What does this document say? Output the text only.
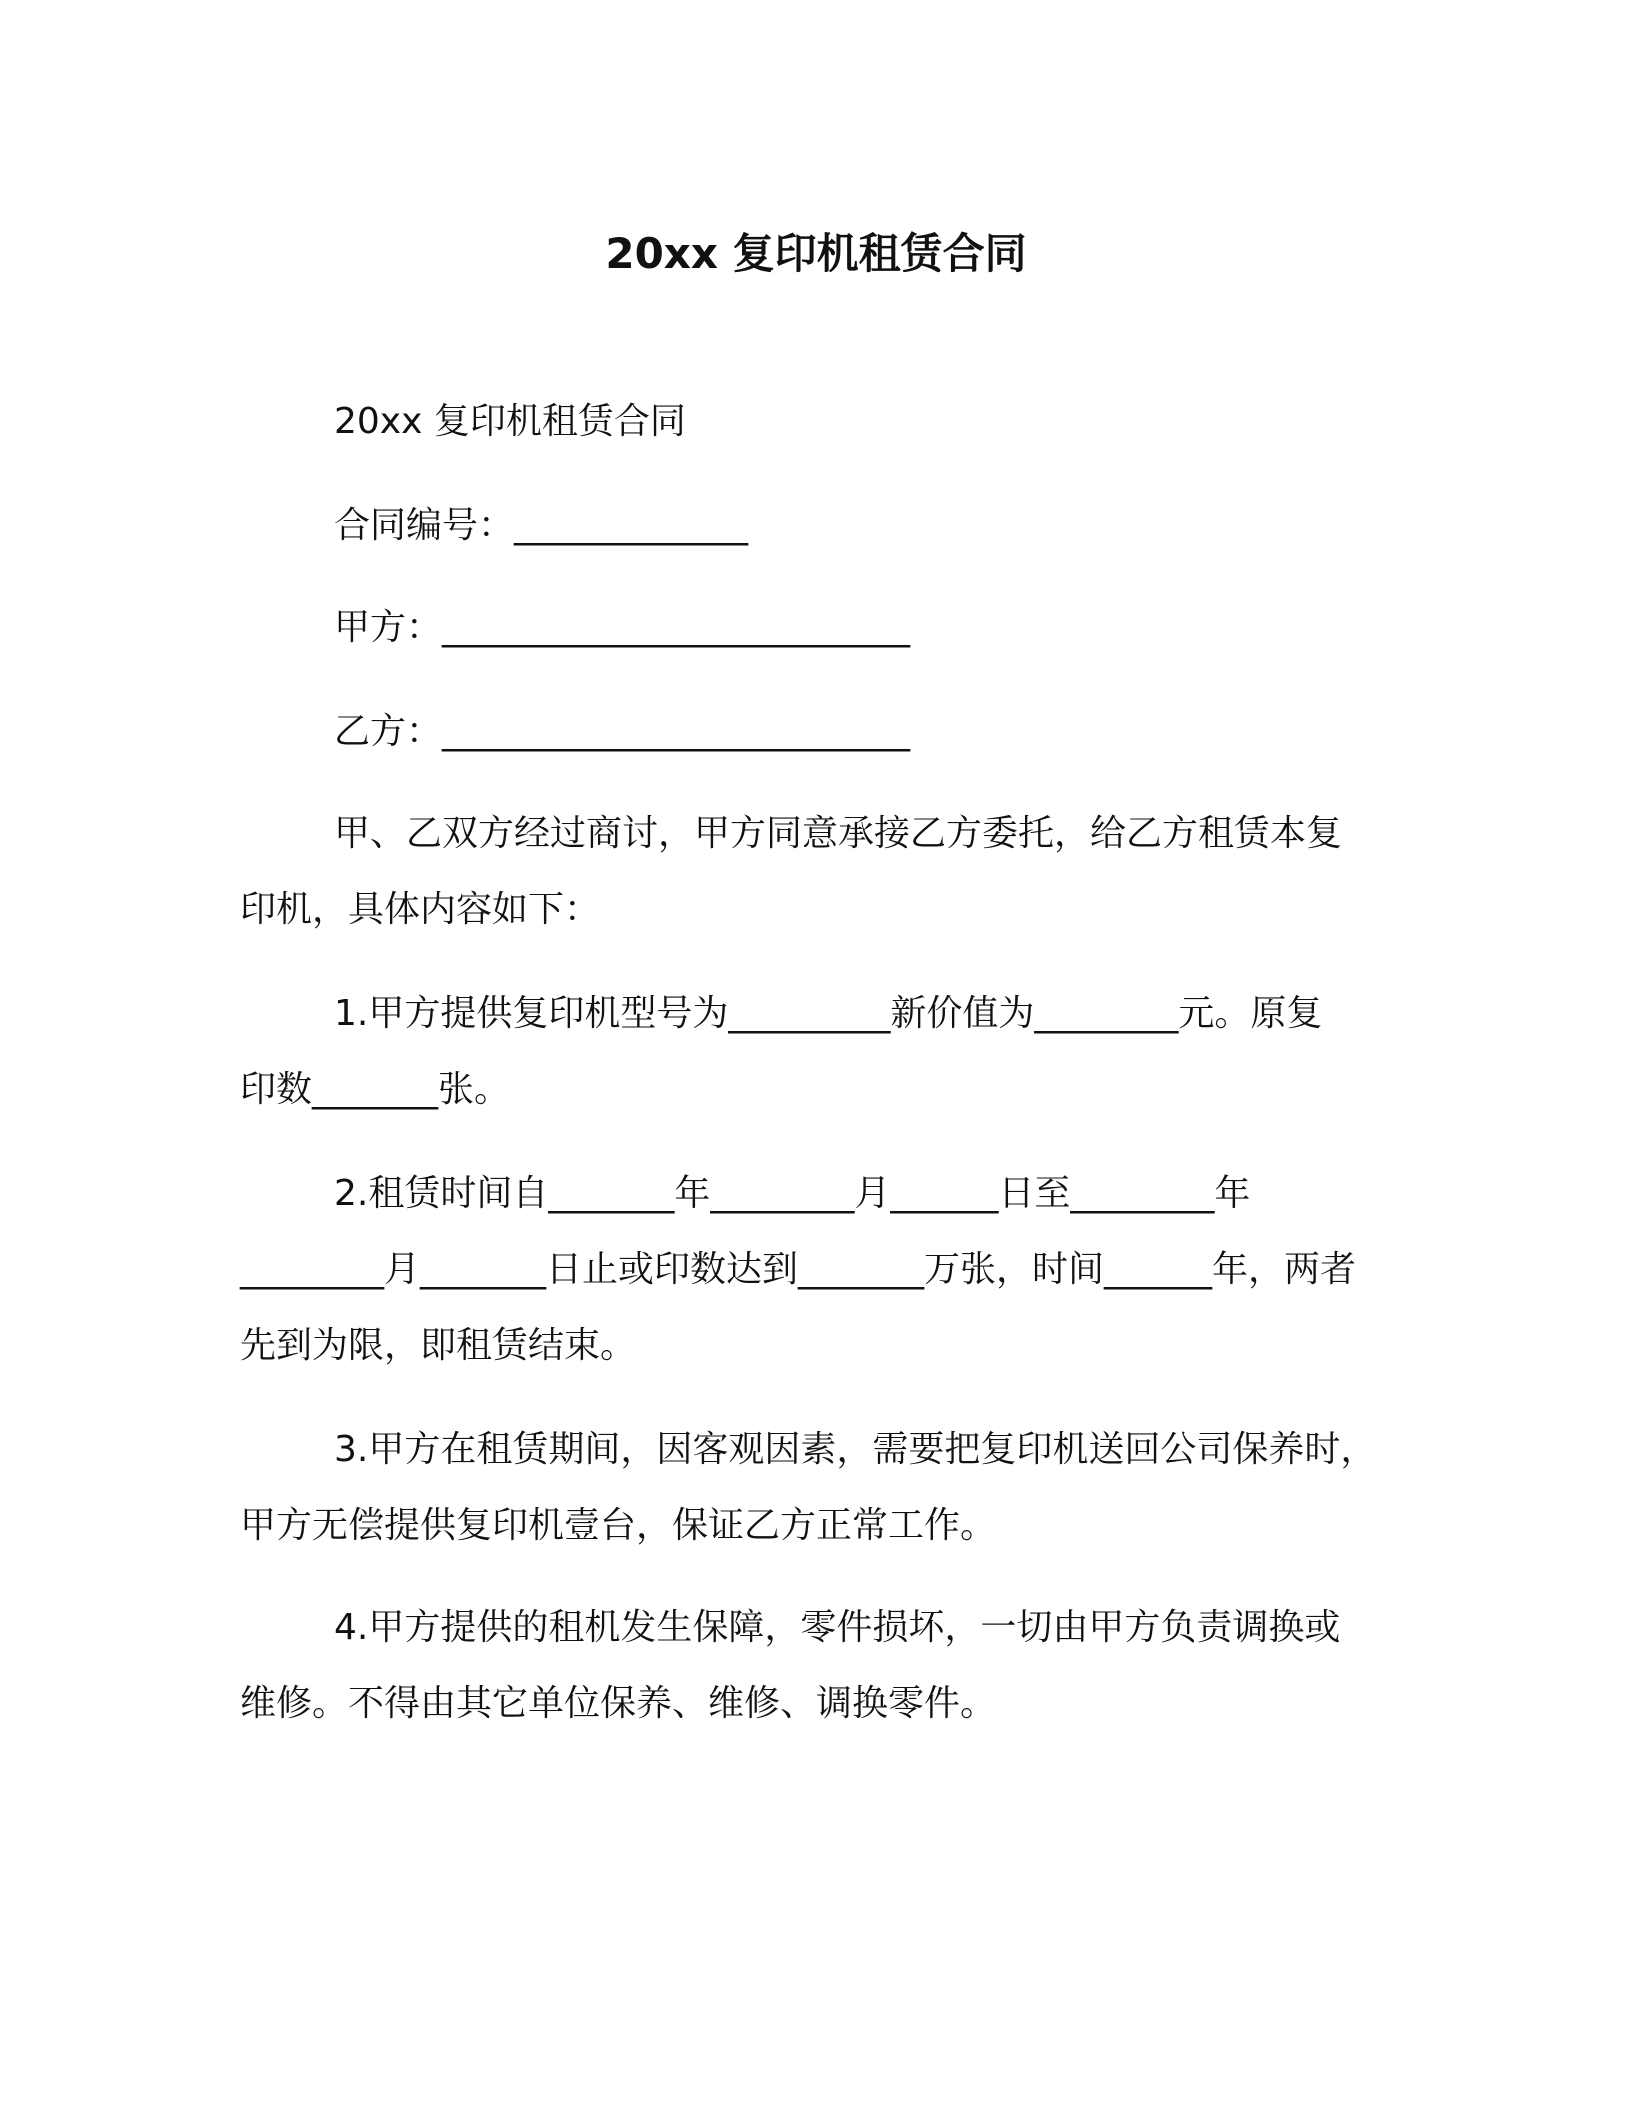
20xx 复印机租赁合同
20xx 复印机租赁合同
合同编号：_____________
甲方：__________________________
乙方：__________________________
甲、乙双方经过商讨，甲方同意承接乙方委托，给乙方租赁本复
印机，具体内容如下：
1.甲方提供复印机型号为_________新价值为________元。原复
印数_______张。
2.租赁时间自_______年________月______日至________年
________月_______日止或印数达到_______万张，时间______年，两者
先到为限，即租赁结束。
3.甲方在租赁期间，因客观因素，需要把复印机送回公司保养时，
甲方无偿提供复印机壹台，保证乙方正常工作。
4.甲方提供的租机发生保障，零件损坏，一切由甲方负责调换或
维修。不得由其它单位保养、维修、调换零件。
